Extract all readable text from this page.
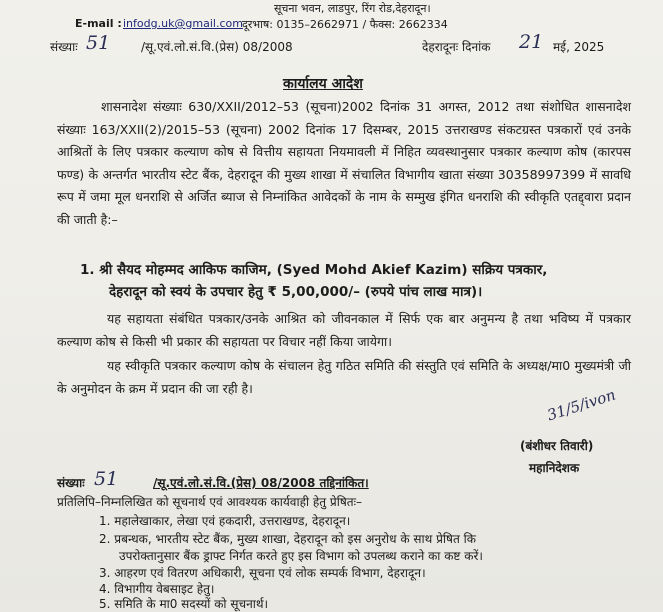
सूचना भवन, लाडपुर, रिंग रोड,देहरादून।
E-mail : infodg.uk@gmail.com दूरभाष: 0135–2662971 / फैक्स: 2662334
संख्याः 51	/सू.एवं.लो.सं.वि.(प्रेस) 08/2008	देहरादूनः दिनांक 21 मई, 2025
कार्यालय आदेश
शासनादेश संख्याः 630/XXII/2012–53 (सूचना)2002 दिनांक 31 अगस्त, 2012 तथा संशोधित शासनादेश संख्याः 163/XXII(2)/2015–53 (सूचना) 2002 दिनांक 17 दिसम्बर, 2015 उत्तराखण्ड संकटग्रस्त पत्रकारों एवं उनके आश्रितों के लिए पत्रकार कल्याण कोष से वित्तीय सहायता नियमावली में निहित व्यवस्थानुसार पत्रकार कल्याण कोष (कारपस फण्ड) के अन्तर्गत भारतीय स्टेट बैंक, देहरादून की मुख्य शाखा में संचालित विभागीय खाता संख्या 30358997399 में सावधि रूप में जमा मूल धनराशि से अर्जित ब्याज से निम्नांकित आवेदकों के नाम के सम्मुख इंगित धनराशि की स्वीकृति एतद्द्वारा प्रदान की जाती है:–
1. श्री सैयद मोहम्मद आकिफ काजिम, (Syed Mohd Akief Kazim) सक्रिय पत्रकार,
देहरादून को स्वयं के उपचार हेतु ₹ 5,00,000/– (रुपये पांच लाख मात्र)।
यह सहायता संबंधित पत्रकार/उनके आश्रित को जीवनकाल में सिर्फ एक बार अनुमन्य है तथा भविष्य में पत्रकार कल्याण कोष से किसी भी प्रकार की सहायता पर विचार नहीं किया जायेगा।
यह स्वीकृति पत्रकार कल्याण कोष के संचालन हेतु गठित समिति की संस्तुति एवं समिति के अध्यक्ष/मा0 मुख्यमंत्री जी के अनुमोदन के क्रम में प्रदान की जा रही है।	31/5/ivon
(बंशीधर तिवारी)
महानिदेशक
संख्याः 51	/सू.एवं.लो.सं.वि.(प्रेस) 08/2008 तद्दिनांकित।
प्रतिलिपि–निम्नलिखित को सूचनार्थ एवं आवश्यक कार्यवाही हेतु प्रेषितः–
1. महालेखाकार, लेखा एवं हकदारी, उत्तराखण्ड, देहरादून।
2. प्रबन्धक, भारतीय स्टेट बैंक, मुख्य शाखा, देहरादून को इस अनुरोध के साथ प्रेषित कि
उपरोक्तानुसार बैंक ड्राफ्ट निर्गत करते हुए इस विभाग को उपलब्ध कराने का कष्ट करें।
3. आहरण एवं वितरण अधिकारी, सूचना एवं लोक सम्पर्क विभाग, देहरादून।
4. विभागीय वेबसाइट हेतु।
5. समिति के मा0 सदस्यों को सूचनार्थ।
